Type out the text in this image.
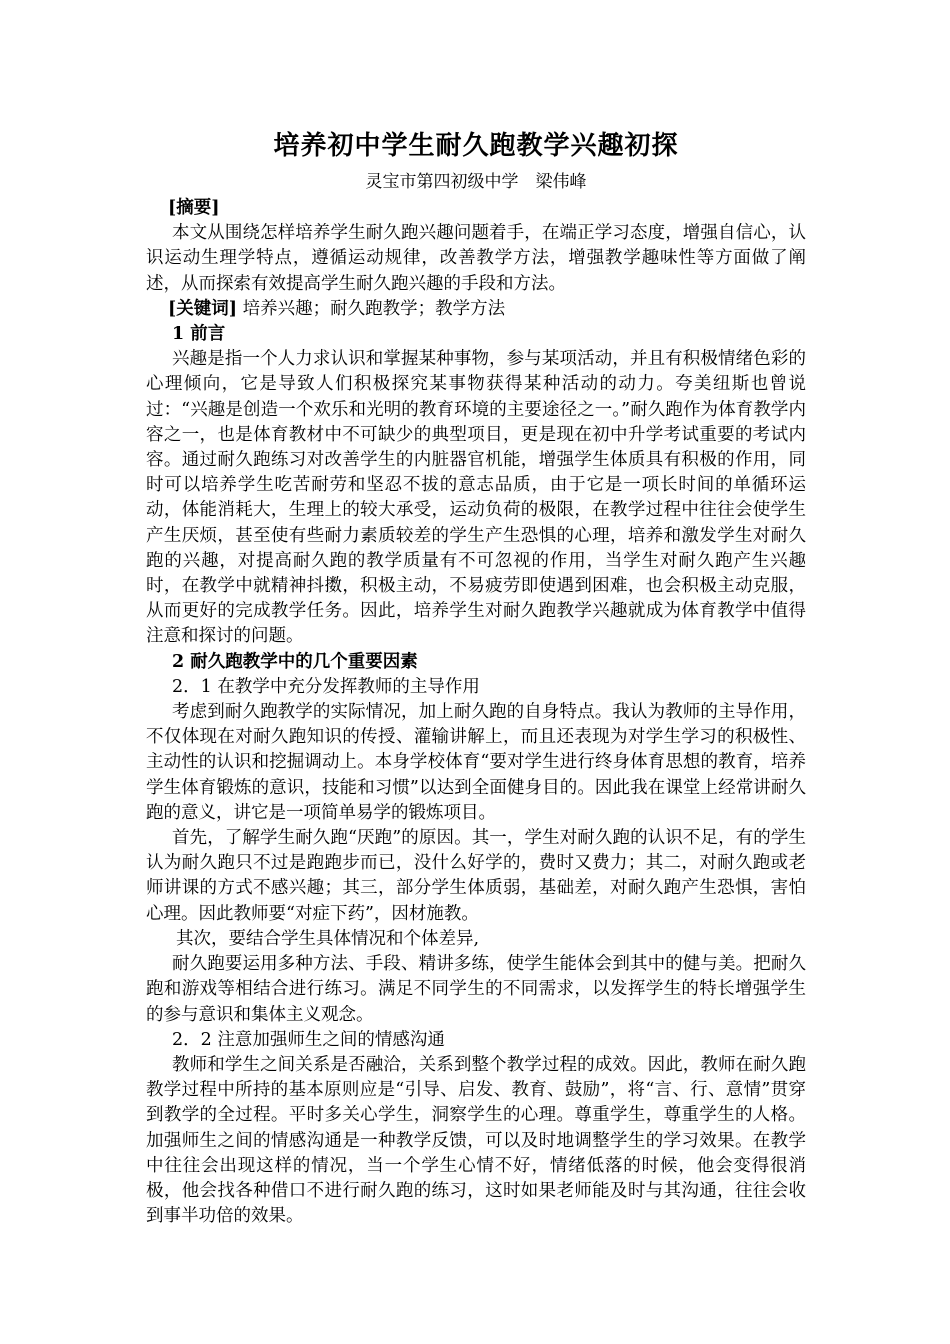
培养初中学生耐久跑教学兴趣初探
灵宝市第四初级中学　梁伟峰
[摘要]

本文从围绕怎样培养学生耐久跑兴趣问题着手，在端正学习态度，增强自信心，认识运动生理学特点，遵循运动规律，改善教学方法，增强教学趣味性等方面做了阐述，从而探索有效提高学生耐久跑兴趣的手段和方法。

[关键词] 培养兴趣；耐久跑教学；教学方法
1 前言

兴趣是指一个人力求认识和掌握某种事物，参与某项活动，并且有积极情绪色彩的心理倾向，它是导致人们积极探究某事物获得某种活动的动力。夸美纽斯也曾说过：“兴趣是创造一个欢乐和光明的教育环境的主要途径之一。”耐久跑作为体育教学内容之一，也是体育教材中不可缺少的典型项目，更是现在初中升学考试重要的考试内容。通过耐久跑练习对改善学生的内脏器官机能，增强学生体质具有积极的作用，同时可以培养学生吃苦耐劳和坚忍不拔的意志品质，由于它是一项长时间的单循环运动，体能消耗大，生理上的较大承受，运动负荷的极限，在教学过程中往往会使学生产生厌烦，甚至使有些耐力素质较差的学生产生恐惧的心理，培养和激发学生对耐久跑的兴趣，对提高耐久跑的教学质量有不可忽视的作用，当学生对耐久跑产生兴趣时，在教学中就精神抖擞，积极主动，不易疲劳即使遇到困难，也会积极主动克服，从而更好的完成教学任务。因此，培养学生对耐久跑教学兴趣就成为体育教学中值得注意和探讨的问题。

2 耐久跑教学中的几个重要因素
2．1 在教学中充分发挥教师的主导作用

考虑到耐久跑教学的实际情况，加上耐久跑的自身特点。我认为教师的主导作用，不仅体现在对耐久跑知识的传授、灌输讲解上，而且还表现为对学生学习的积极性、主动性的认识和挖掘调动上。本身学校体育“要对学生进行终身体育思想的教育，培养学生体育锻炼的意识，技能和习惯”以达到全面健身目的。因此我在课堂上经常讲耐久跑的意义，讲它是一项简单易学的锻炼项目。

首先，了解学生耐久跑“厌跑”的原因。其一，学生对耐久跑的认识不足，有的学生认为耐久跑只不过是跑跑步而已，没什么好学的，费时又费力；其二，对耐久跑或老师讲课的方式不感兴趣；其三，部分学生体质弱，基础差，对耐久跑产生恐惧，害怕心理。因此教师要“对症下药”，因材施教。

其次，要结合学生具体情况和个体差异,

耐久跑要运用多种方法、手段、精讲多练，使学生能体会到其中的健与美。把耐久跑和游戏等相结合进行练习。满足不同学生的不同需求，以发挥学生的特长增强学生的参与意识和集体主义观念。

2．2 注意加强师生之间的情感沟通

教师和学生之间关系是否融洽，关系到整个教学过程的成效。因此，教师在耐久跑教学过程中所持的基本原则应是“引导、启发、教育、鼓励”，将“言、行、意情”贯穿到教学的全过程。平时多关心学生，洞察学生的心理。尊重学生，尊重学生的人格。加强师生之间的情感沟通是一种教学反馈，可以及时地调整学生的学习效果。在教学中往往会出现这样的情况，当一个学生心情不好，情绪低落的时候，他会变得很消极，他会找各种借口不进行耐久跑的练习，这时如果老师能及时与其沟通，往往会收到事半功倍的效果。
